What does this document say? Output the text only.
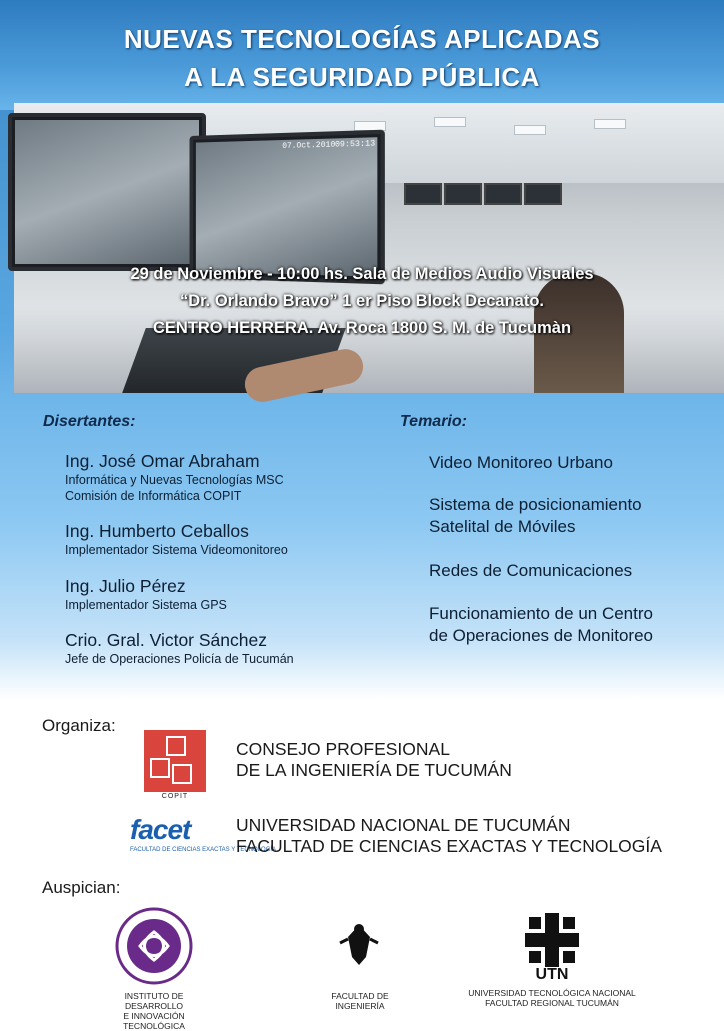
NUEVAS TECNOLOGÍAS APLICADAS
A LA SEGURIDAD PÚBLICA
07.Oct.2010 09:53:13
29 de Noviembre - 10:00 hs. Sala de Medios Audio Visuales
“Dr. Orlando Bravo” 1 er Piso Block Decanato.
CENTRO HERRERA. Av. Roca 1800 S. M. de Tucumàn
Disertantes:
Ing. José Omar Abraham
Informática y Nuevas Tecnologías MSC
Comisión de Informática COPIT
Ing. Humberto Ceballos
Implementador Sistema Videomonitoreo
Ing. Julio Pérez
Implementador Sistema GPS
Crio. Gral. Victor Sánchez
Jefe de Operaciones Policía de Tucumán
Temario:
Video Monitoreo Urbano
Sistema de posicionamiento
Satelital de Móviles
Redes de Comunicaciones
Funcionamiento de un Centro
de Operaciones de Monitoreo
Organiza:
COPIT
CONSEJO PROFESIONAL
DE LA INGENIERÍA DE TUCUMÁN
facet
FACULTAD DE CIENCIAS EXACTAS Y TECNOLOGÍA
UNIVERSIDAD NACIONAL DE TUCUMÁN
FACULTAD DE CIENCIAS EXACTAS Y TECNOLOGÍA
Auspician:
INSTITUTO DE DESARROLLO
E INNOVACIÓN TECNOLÓGICA
FACULTAD DE
INGENIERÍA
UTN
UNIVERSIDAD TECNOLÓGICA NACIONAL
FACULTAD REGIONAL TUCUMÁN
